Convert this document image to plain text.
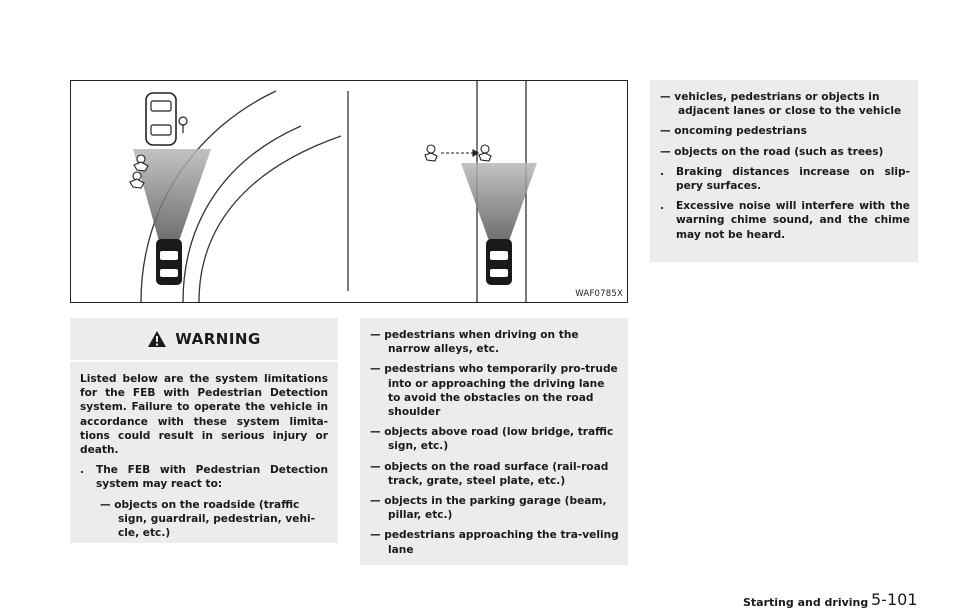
WAF0785X
WARNING

Listed below are the system limitations for the FEB with Pedestrian Detection system. Failure to operate the vehicle in accordance with these system limita-tions could result in serious injury or death.

.	The FEB with Pedestrian Detection system may react to:
— objects on the roadside (traffic sign, guardrail, pedestrian, vehi-cle, etc.)
— pedestrians when driving on the narrow alleys, etc.
— pedestrians who temporarily pro-trude into or approaching the driving lane to avoid the obstacles on the road shoulder
— objects above road (low bridge, traffic sign, etc.)
— objects on the road surface (rail-road track, grate, steel plate, etc.)
— objects in the parking garage (beam, pillar, etc.)
— pedestrians approaching the tra-veling lane
— vehicles, pedestrians or objects in adjacent lanes or close to the vehicle
— oncoming pedestrians
— objects on the road (such as trees)
.	Braking distances increase on slip-pery surfaces.
.	Excessive noise will interfere with the warning chime sound, and the chime may not be heard.
Starting and driving 5-101
